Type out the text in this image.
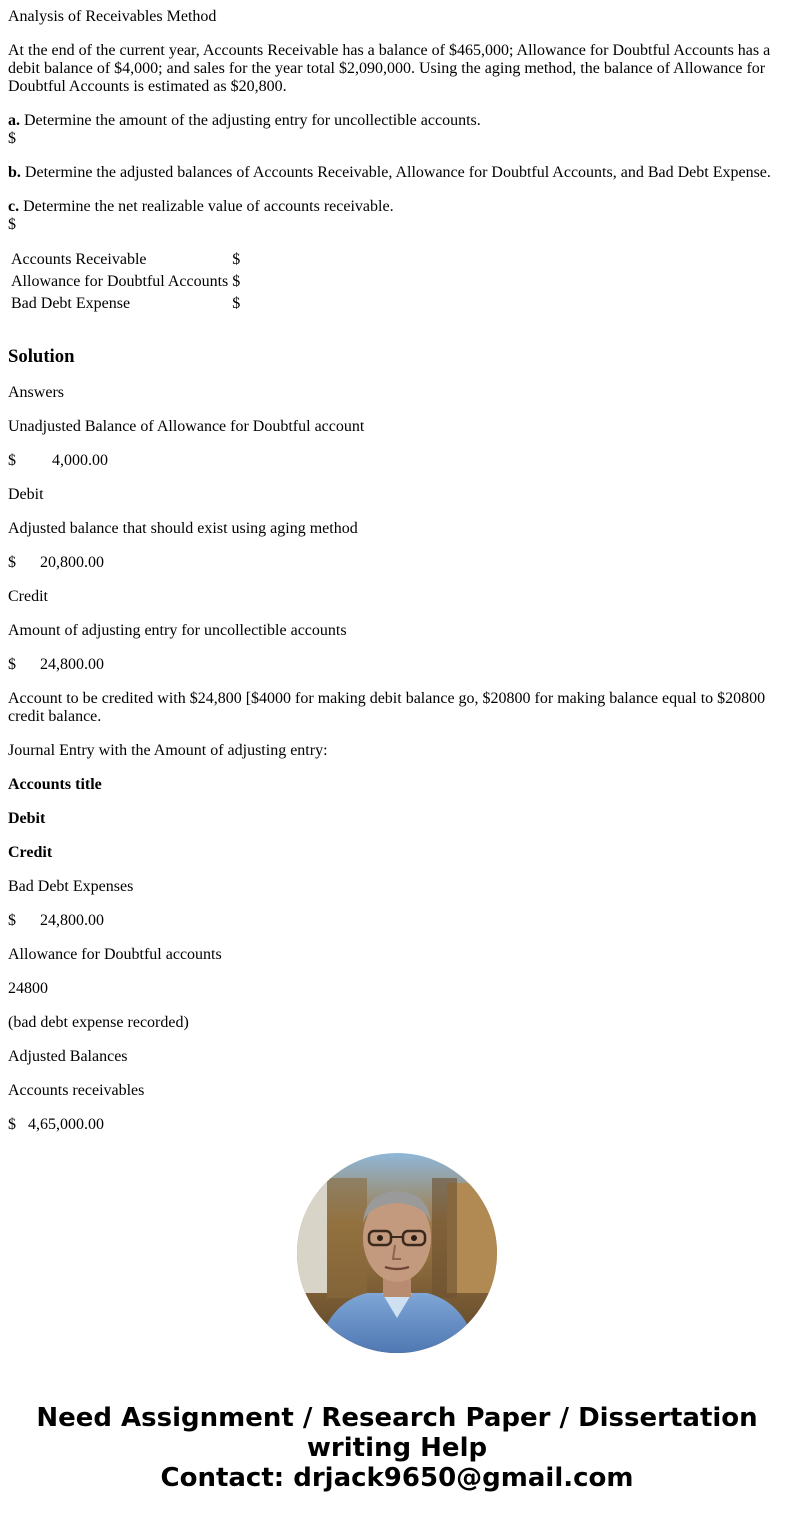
Analysis of Receivables Method

At the end of the current year, Accounts Receivable has a balance of $465,000; Allowance for Doubtful Accounts has a debit balance of $4,000; and sales for the year total $2,090,000. Using the aging method, the balance of Allowance for Doubtful Accounts is estimated as $20,800.

a. Determine the amount of the adjusting entry for uncollectible accounts.
$
b. Determine the adjusted balances of Accounts Receivable, Allowance for Doubtful Accounts, and Bad Debt Expense.
c. Determine the net realizable value of accounts receivable.
$
Accounts Receivable	$
Allowance for Doubtful Accounts	$
Bad Debt Expense	$
Solution

Answers

Unadjusted Balance of Allowance for Doubtful account

$ 4,000.00

Debit

Adjusted balance that should exist using aging method

$ 20,800.00

Credit

Amount of adjusting entry for uncollectible accounts

$ 24,800.00

Account to be credited with $24,800 [$4000 for making debit balance go, $20800 for making balance equal to $20800 credit balance.

Journal Entry with the Amount of adjusting entry:

Accounts title

Debit

Credit

Bad Debt Expenses

$ 24,800.00

Allowance for Doubtful accounts

24800

(bad debt expense recorded)

Adjusted Balances

Accounts receivables

$ 4,65,000.00

Need Assignment / Research Paper / Dissertation
writing Help
Contact: drjack9650@gmail.com
